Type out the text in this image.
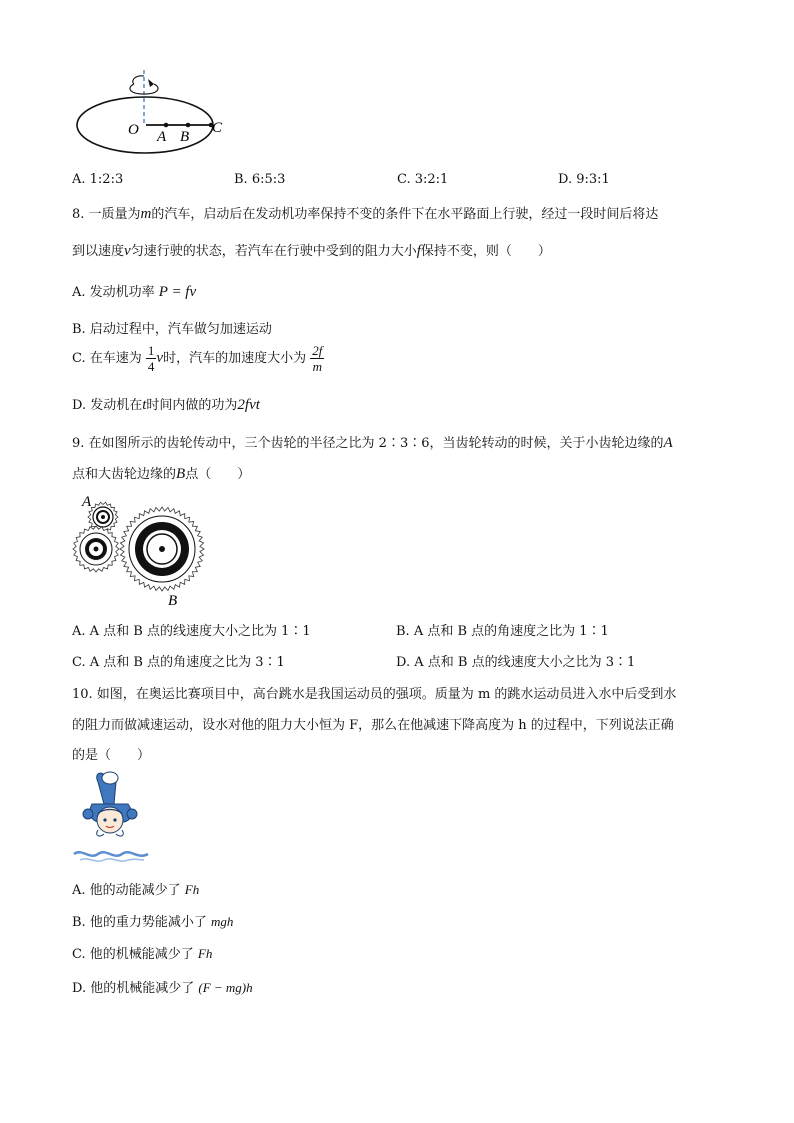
O A B
C
A. 1:2:3	B. 6:5:3	C. 3:2:1	D. 9:3:1
8. 一质量为m的汽车，启动后在发动机功率保持不变的条件下在水平路面上行驶，经过一段时间后将达
到以速度v匀速行驶的状态，若汽车在行驶中受到的阻力大小f保持不变，则（　　）
A. 发动机功率 P = fv
B. 启动过程中，汽车做匀加速运动
C. 在车速为 $\frac{1}{4}$ v时，汽车的加速度大小为 $\frac{2f}{m}$
D. 发动机在t时间内做的功为2fvt
9. 在如图所示的齿轮传动中，三个齿轮的半径之比为 2∶3∶6，当齿轮转动的时候，关于小齿轮边缘的A
点和大齿轮边缘的B点（　　）
A
B
A. A 点和 B 点的线速度大小之比为 1∶1	B. A 点和 B 点的角速度之比为 1∶1
C. A 点和 B 点的角速度之比为 3∶1	D. A 点和 B 点的线速度大小之比为 3∶1
10. 如图，在奥运比赛项目中，高台跳水是我国运动员的强项。质量为 m 的跳水运动员进入水中后受到水
的阻力而做减速运动，设水对他的阻力大小恒为 F，那么在他减速下降高度为 h 的过程中，下列说法正确
的是（　　）
A. 他的动能减少了 Fh
B. 他的重力势能减小了 mgh
C. 他的机械能减少了 Fh
D. 他的机械能减少了 (F − mg)h
